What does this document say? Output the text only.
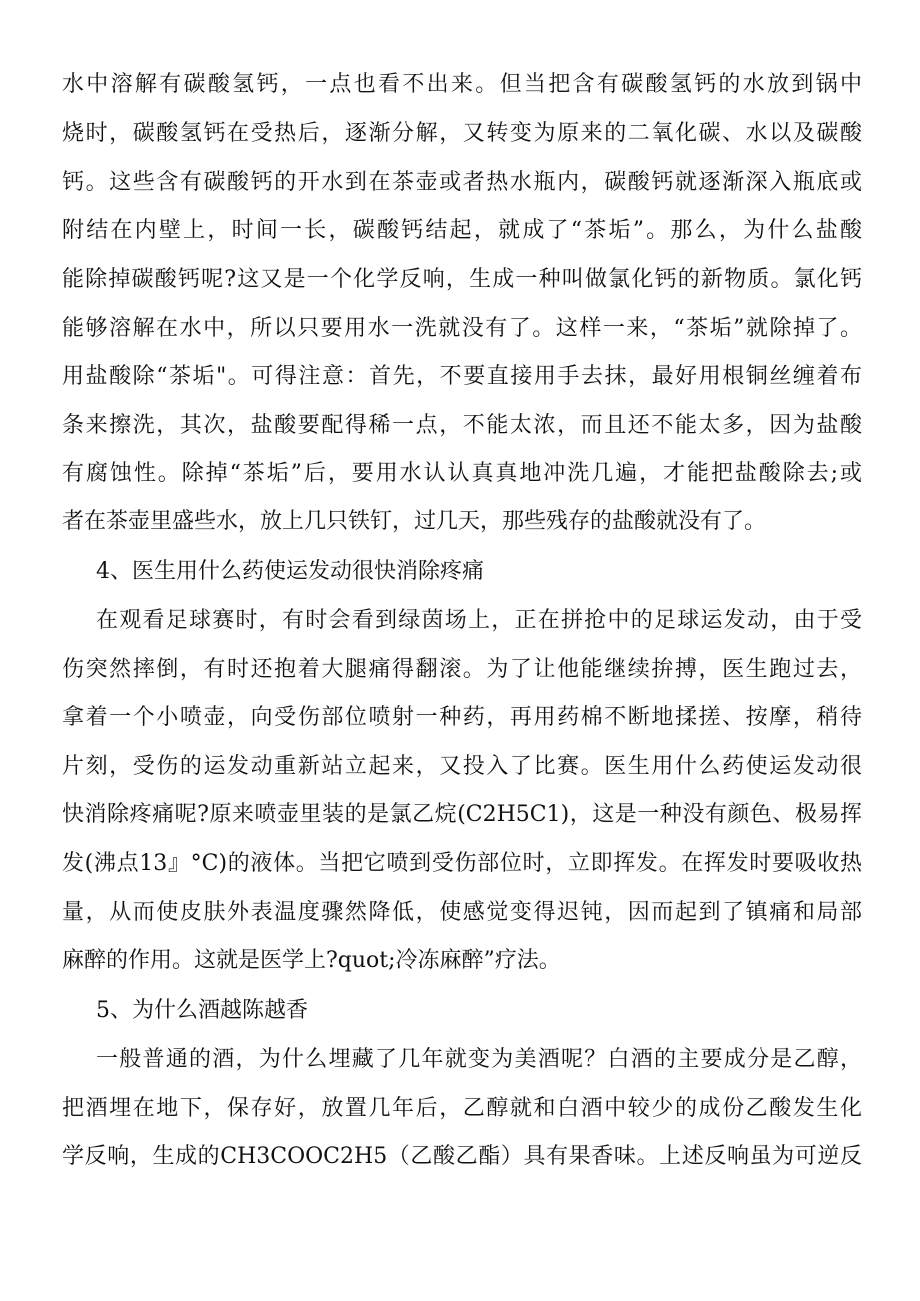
水中溶解有碳酸氢钙，一点也看不出来。但当把含有碳酸氢钙的水放到锅中
烧时，碳酸氢钙在受热后，逐渐分解，又转变为原来的二氧化碳、水以及碳酸
钙。这些含有碳酸钙的开水到在茶壶或者热水瓶内，碳酸钙就逐渐深入瓶底或
附结在内壁上，时间一长，碳酸钙结起，就成了“茶垢”。那么，为什么盐酸
能除掉碳酸钙呢?这又是一个化学反响，生成一种叫做氯化钙的新物质。氯化钙
能够溶解在水中，所以只要用水一洗就没有了。这样一来，“茶垢”就除掉了。
用盐酸除“茶垢"。可得注意：首先，不要直接用手去抹，最好用根铜丝缠着布
条来擦洗，其次，盐酸要配得稀一点，不能太浓，而且还不能太多，因为盐酸
有腐蚀性。除掉“茶垢”后，要用水认认真真地冲洗几遍，才能把盐酸除去;或
者在茶壶里盛些水，放上几只铁钉，过几天，那些残存的盐酸就没有了。
4、医生用什么药使运发动很快消除疼痛
在观看足球赛时，有时会看到绿茵场上，正在拼抢中的足球运发动，由于受
伤突然摔倒，有时还抱着大腿痛得翻滚。为了让他能继续拚搏，医生跑过去，
拿着一个小喷壶，向受伤部位喷射一种药，再用药棉不断地揉搓、按摩，稍待
片刻，受伤的运发动重新站立起来，又投入了比赛。医生用什么药使运发动很
快消除疼痛呢?原来喷壶里装的是氯乙烷(C2H5C1)，这是一种没有颜色、极易挥
发(沸点13』°C)的液体。当把它喷到受伤部位时，立即挥发。在挥发时要吸收热
量，从而使皮肤外表温度骤然降低，使感觉变得迟钝，因而起到了镇痛和局部
麻醉的作用。这就是医学上?quot;冷冻麻醉”疗法。
5、为什么酒越陈越香
一般普通的酒，为什么埋藏了几年就变为美酒呢？白酒的主要成分是乙醇，
把酒埋在地下，保存好，放置几年后，乙醇就和白酒中较少的成份乙酸发生化
学反响，生成的CH3COOC2H5（乙酸乙酯）具有果香味。上述反响虽为可逆反
